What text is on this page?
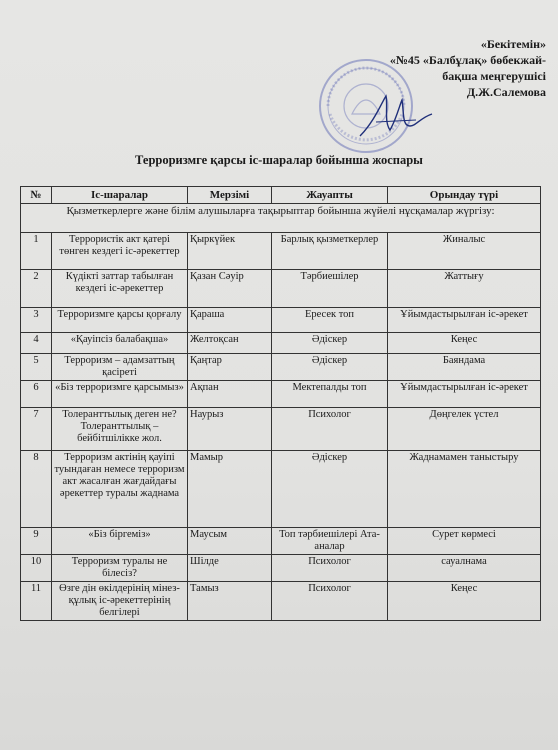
«Бекітемін»
«№45 «Балбұлақ» бөбекжай-
бақша меңгерушісі
Д.Ж.Салемова
Терроризмге қарсы іс-шаралар бойынша жоспары
№	Іс-шаралар	Мерзімі	Жауапты	Орындау түрі
Қызметкерлерге және білім алушыларға тақырыптар бойынша жүйелі нұсқамалар жүргізу:				
1	Террористік акт қатері төнген кездегі іс-әрекеттер	Қыркүйек	Барлық қызметкерлер	Жиналыс
2	Күдікті заттар табылған кездегі іс-әрекеттер	Қазан Сәуір	Тәрбиешілер	Жаттығу
3	Терроризмге қарсы қорғалу	Қараша	Ересек топ	Ұйымдастырылған іс-әрекет
4	«Қауіпсіз балабақша»	Желтоқсан	Әдіскер	Кеңес
5	Терроризм – адамзаттың қасіреті	Қаңтар	Әдіскер	Баяндама
6	«Біз терроризмге қарсымыз»	Ақпан	Мектепалды топ	Ұйымдастырылған іс-әрекет
7	Толеранттылық деген не? Толеранттылық – бейбітшілікке жол.	Наурыз	Психолог	Дөңгелек үстел
8	Терроризм актінің қауіпі туындаған немесе терроризм акт жасалған жағдайдағы әрекеттер туралы жаднама	Мамыр	Әдіскер	Жаднамамен таныстыру
9	«Біз біргеміз»	Маусым	Топ тәрбиешілері Ата-аналар	Сурет көрмесі
10	Терроризм туралы не білесіз?	Шілде	Психолог	сауалнама
11	Өзге дін өкілдерінің мінез-құлық іс-әрекеттерінің белгілері	Тамыз	Психолог	Кеңес
